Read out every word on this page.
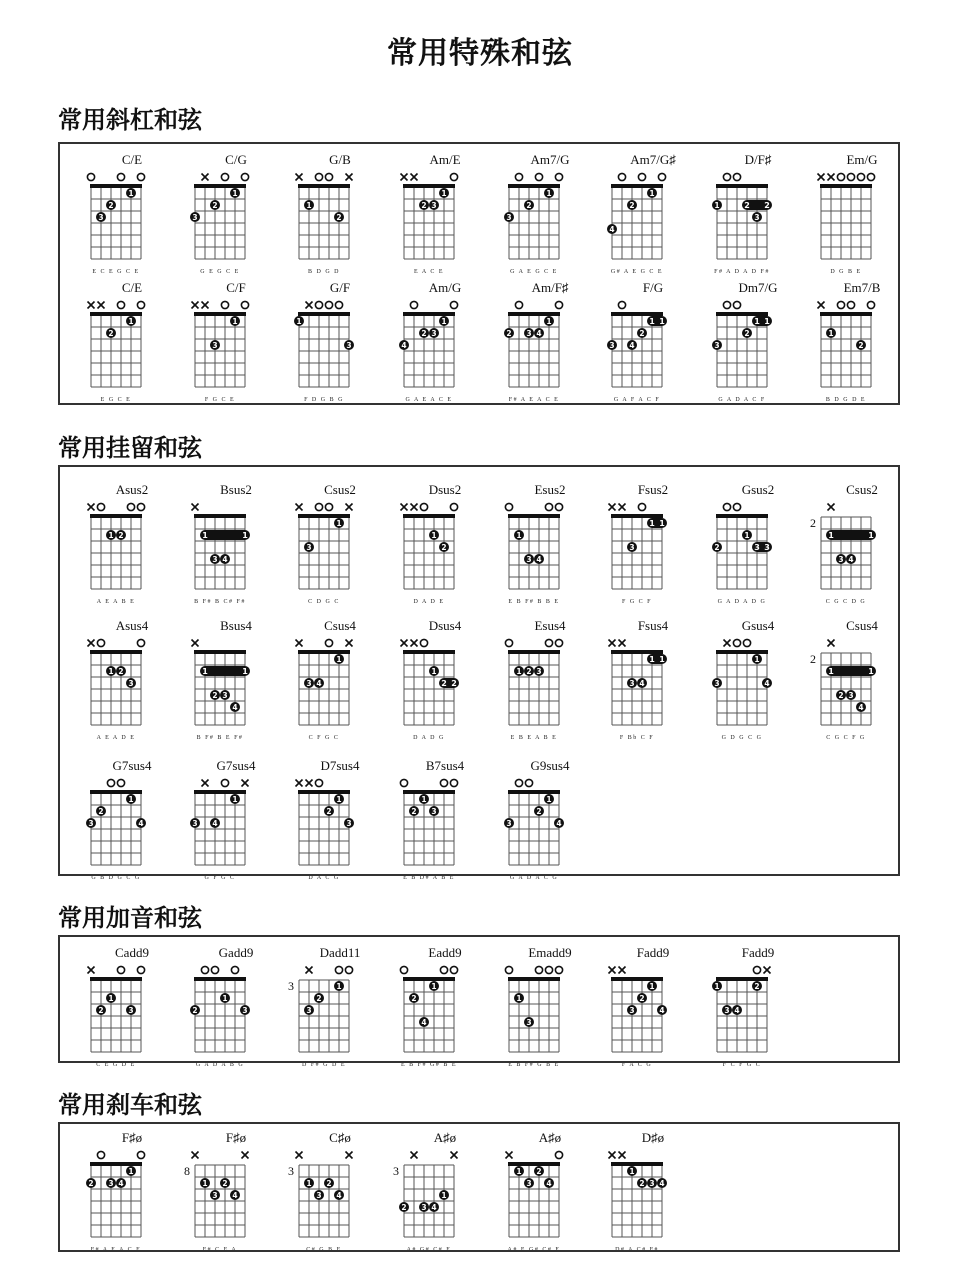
常用特殊和弦
C/E
1
2
3
E C E G C E
C/G
1
2
3
G E G C E
G/B
1
2
B D G D
Am/E
1
2 3
E A C E
Am7/G
1
2
3
G A E G C E
Am7/G♯
1
2
4
G# A E G C E
D/F♯
2 2
1
3
F# A D A D F#
Em/G
D G B E
C/E
1
2
E G C E
C/F
1
3
F G C E
G/F
1
3
F D G B G
Am/G
1
2 3
4
G A E A C E
Am/F♯
1
2 3 4
F# A E A C E
F/G
1 1
2
3 4
G A F A C F
Dm7/G
1 1
2
3
G A D A C F
Em7/B
1
2
B D G D E
Asus2
1 2
A E A B E
Bsus2
1	1
3 4
B F# B C# F#
Csus2
1
3
C D G C
Dsus2
1
2
D A D E
Esus2
1
3 4
E B F# B B E
Fsus2
1 1
3
F G C F
Gsus2
3 3
1
2
G A D A D G
Csus2
2
1	1
3 4
C G C D G
Asus4
1 2
3
A E A D E
Bsus4
1	1
2 3
4
B F# B E F#
Csus4
1
3 4
C F G C
Dsus4
2 2
1
D A D G
Esus4
1 2 3
E B E A B E
Fsus4
1 1
3 4
F Bb C F
Gsus4
1
3	4
G D G C G
Csus4
2
1	1
2 3
4
C G C F G
G7sus4
1
2
3	4
G B D G C G
G7sus4
1
3 4
G F G C
D7sus4
1
2
3
D A C G
B7sus4
1
2 3
E B D# A B E
G9sus4
1
2
3	4
G A D A C G
Cadd9
1
2	3
C E G D E
Gadd9
1
2	3
G A D A B G
Dadd11
3	1
2
3
D F# G D E
Eadd9
1
2
4
E B F# G# B E
Emadd9
1
3
E B F# G B E
Fadd9
1
2
3	4
F A C G
Fadd9
1	2
3 4
F C F G C
F♯ø
1
2 3 4
F# A E A C E
F♯ø
8
1 2
3 4
F# C E A
C♯ø
3
1 2
3 4
C# G B E
A♯ø
3
1
2 3 4
A# G# C# E
A♯ø
1 2
3 4
A# E G# C# E
D♯ø
1
2 3 4
D# A C# F#
常用斜杠和弦
常用挂留和弦
常用加音和弦
常用刹车和弦
